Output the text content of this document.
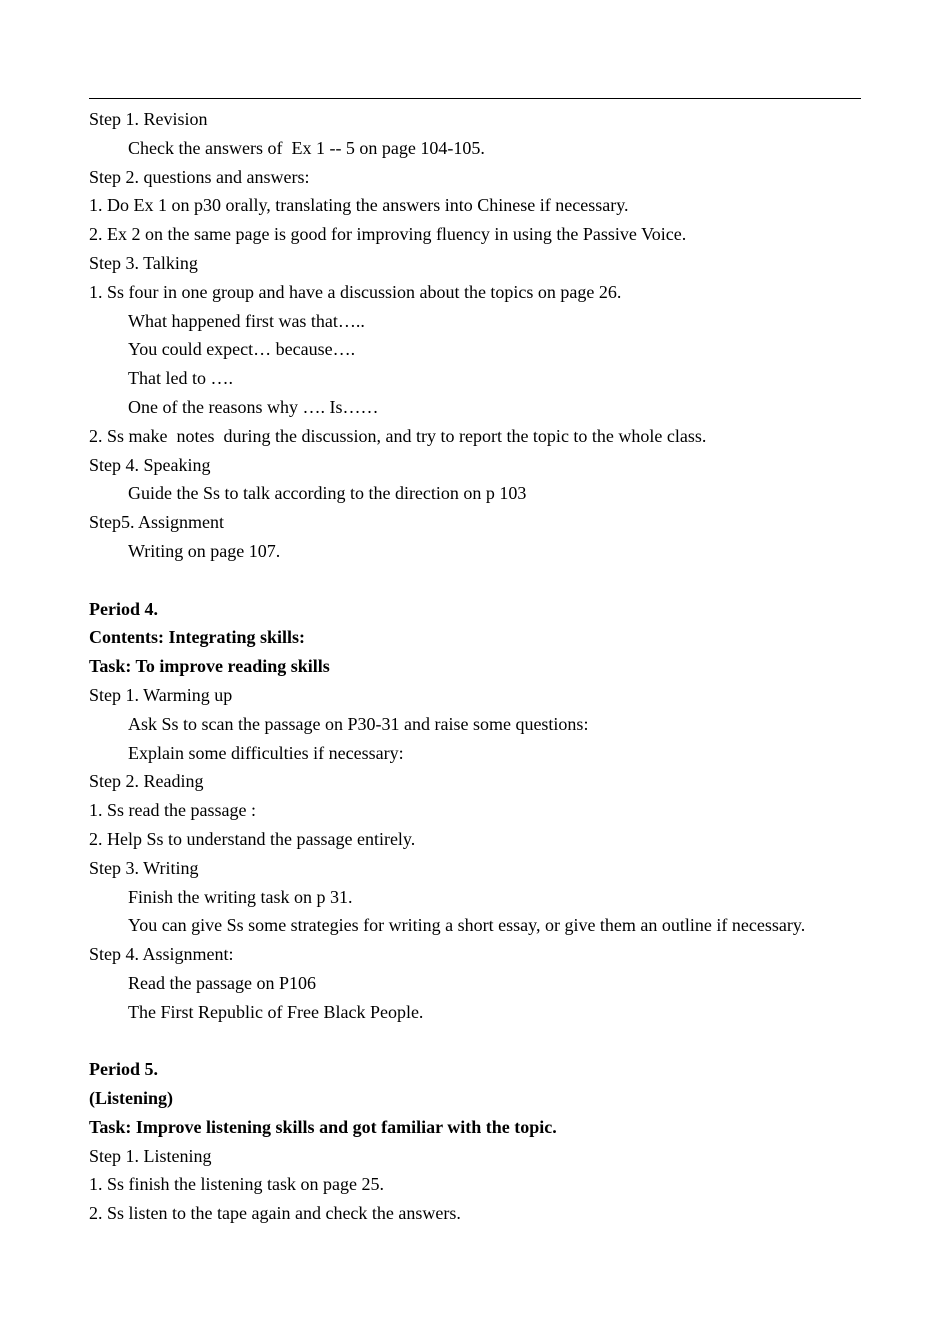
Step 1. Revision
Check the answers of  Ex 1 -- 5 on page 104-105.
Step 2. questions and answers:
1. Do Ex 1 on p30 orally, translating the answers into Chinese if necessary.
2. Ex 2 on the same page is good for improving fluency in using the Passive Voice.
Step 3. Talking
1. Ss four in one group and have a discussion about the topics on page 26.
What happened first was that…..
You could expect… because….
That led to ….
One of the reasons why …. Is……
2. Ss make  notes  during the discussion, and try to report the topic to the whole class.
Step 4. Speaking
Guide the Ss to talk according to the direction on p 103
Step5. Assignment
Writing on page 107.
Period 4.
Contents: Integrating skills:
Task: To improve reading skills
Step 1. Warming up
Ask Ss to scan the passage on P30-31 and raise some questions:
Explain some difficulties if necessary:
Step 2. Reading
1. Ss read the passage :
2. Help Ss to understand the passage entirely.
Step 3. Writing
Finish the writing task on p 31.
You can give Ss some strategies for writing a short essay, or give them an outline if necessary.
Step 4. Assignment:
Read the passage on P106
The First Republic of Free Black People.
Period 5.
(Listening)
Task: Improve listening skills and got familiar with the topic.
Step 1. Listening
1. Ss finish the listening task on page 25.
2. Ss listen to the tape again and check the answers.
